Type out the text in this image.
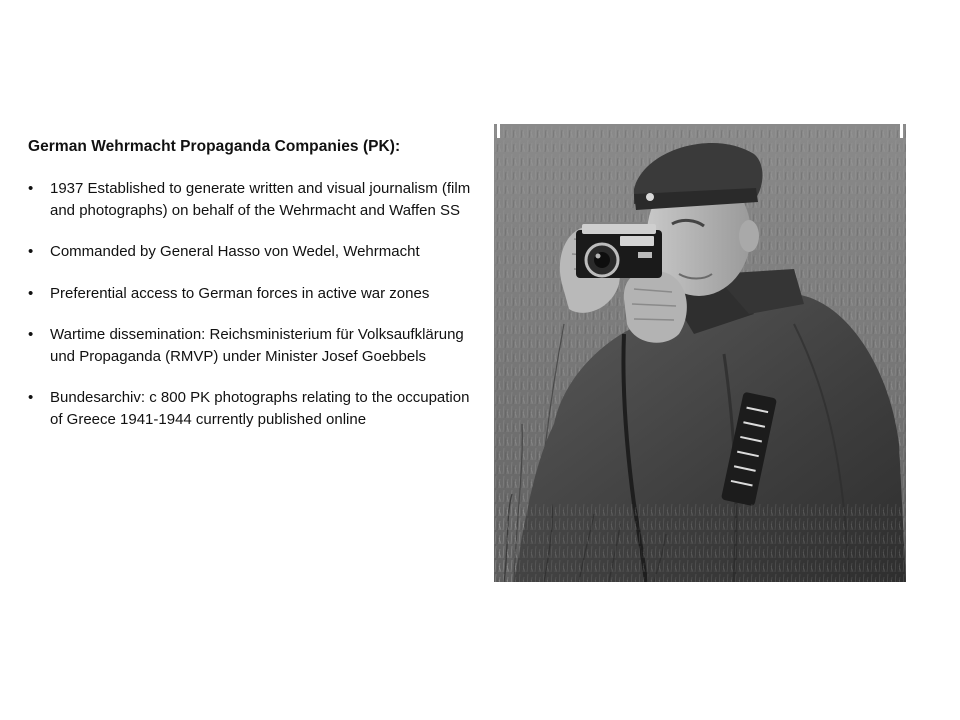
German Wehrmacht Propaganda Companies (PK):
• 1937 Established to generate written and visual journalism (film and photographs) on behalf of the Wehrmacht and Waffen SS
• Commanded by General Hasso von Wedel, Wehrmacht
• Preferential access to German forces in active war zones
• Wartime dissemination: Reichsministerium für Volksaufklärung und Propaganda (RMVP) under Minister Josef Goebbels
• Bundesarchiv: c 800 PK photographs relating to the occupation of Greece 1941-1944 currently published online
